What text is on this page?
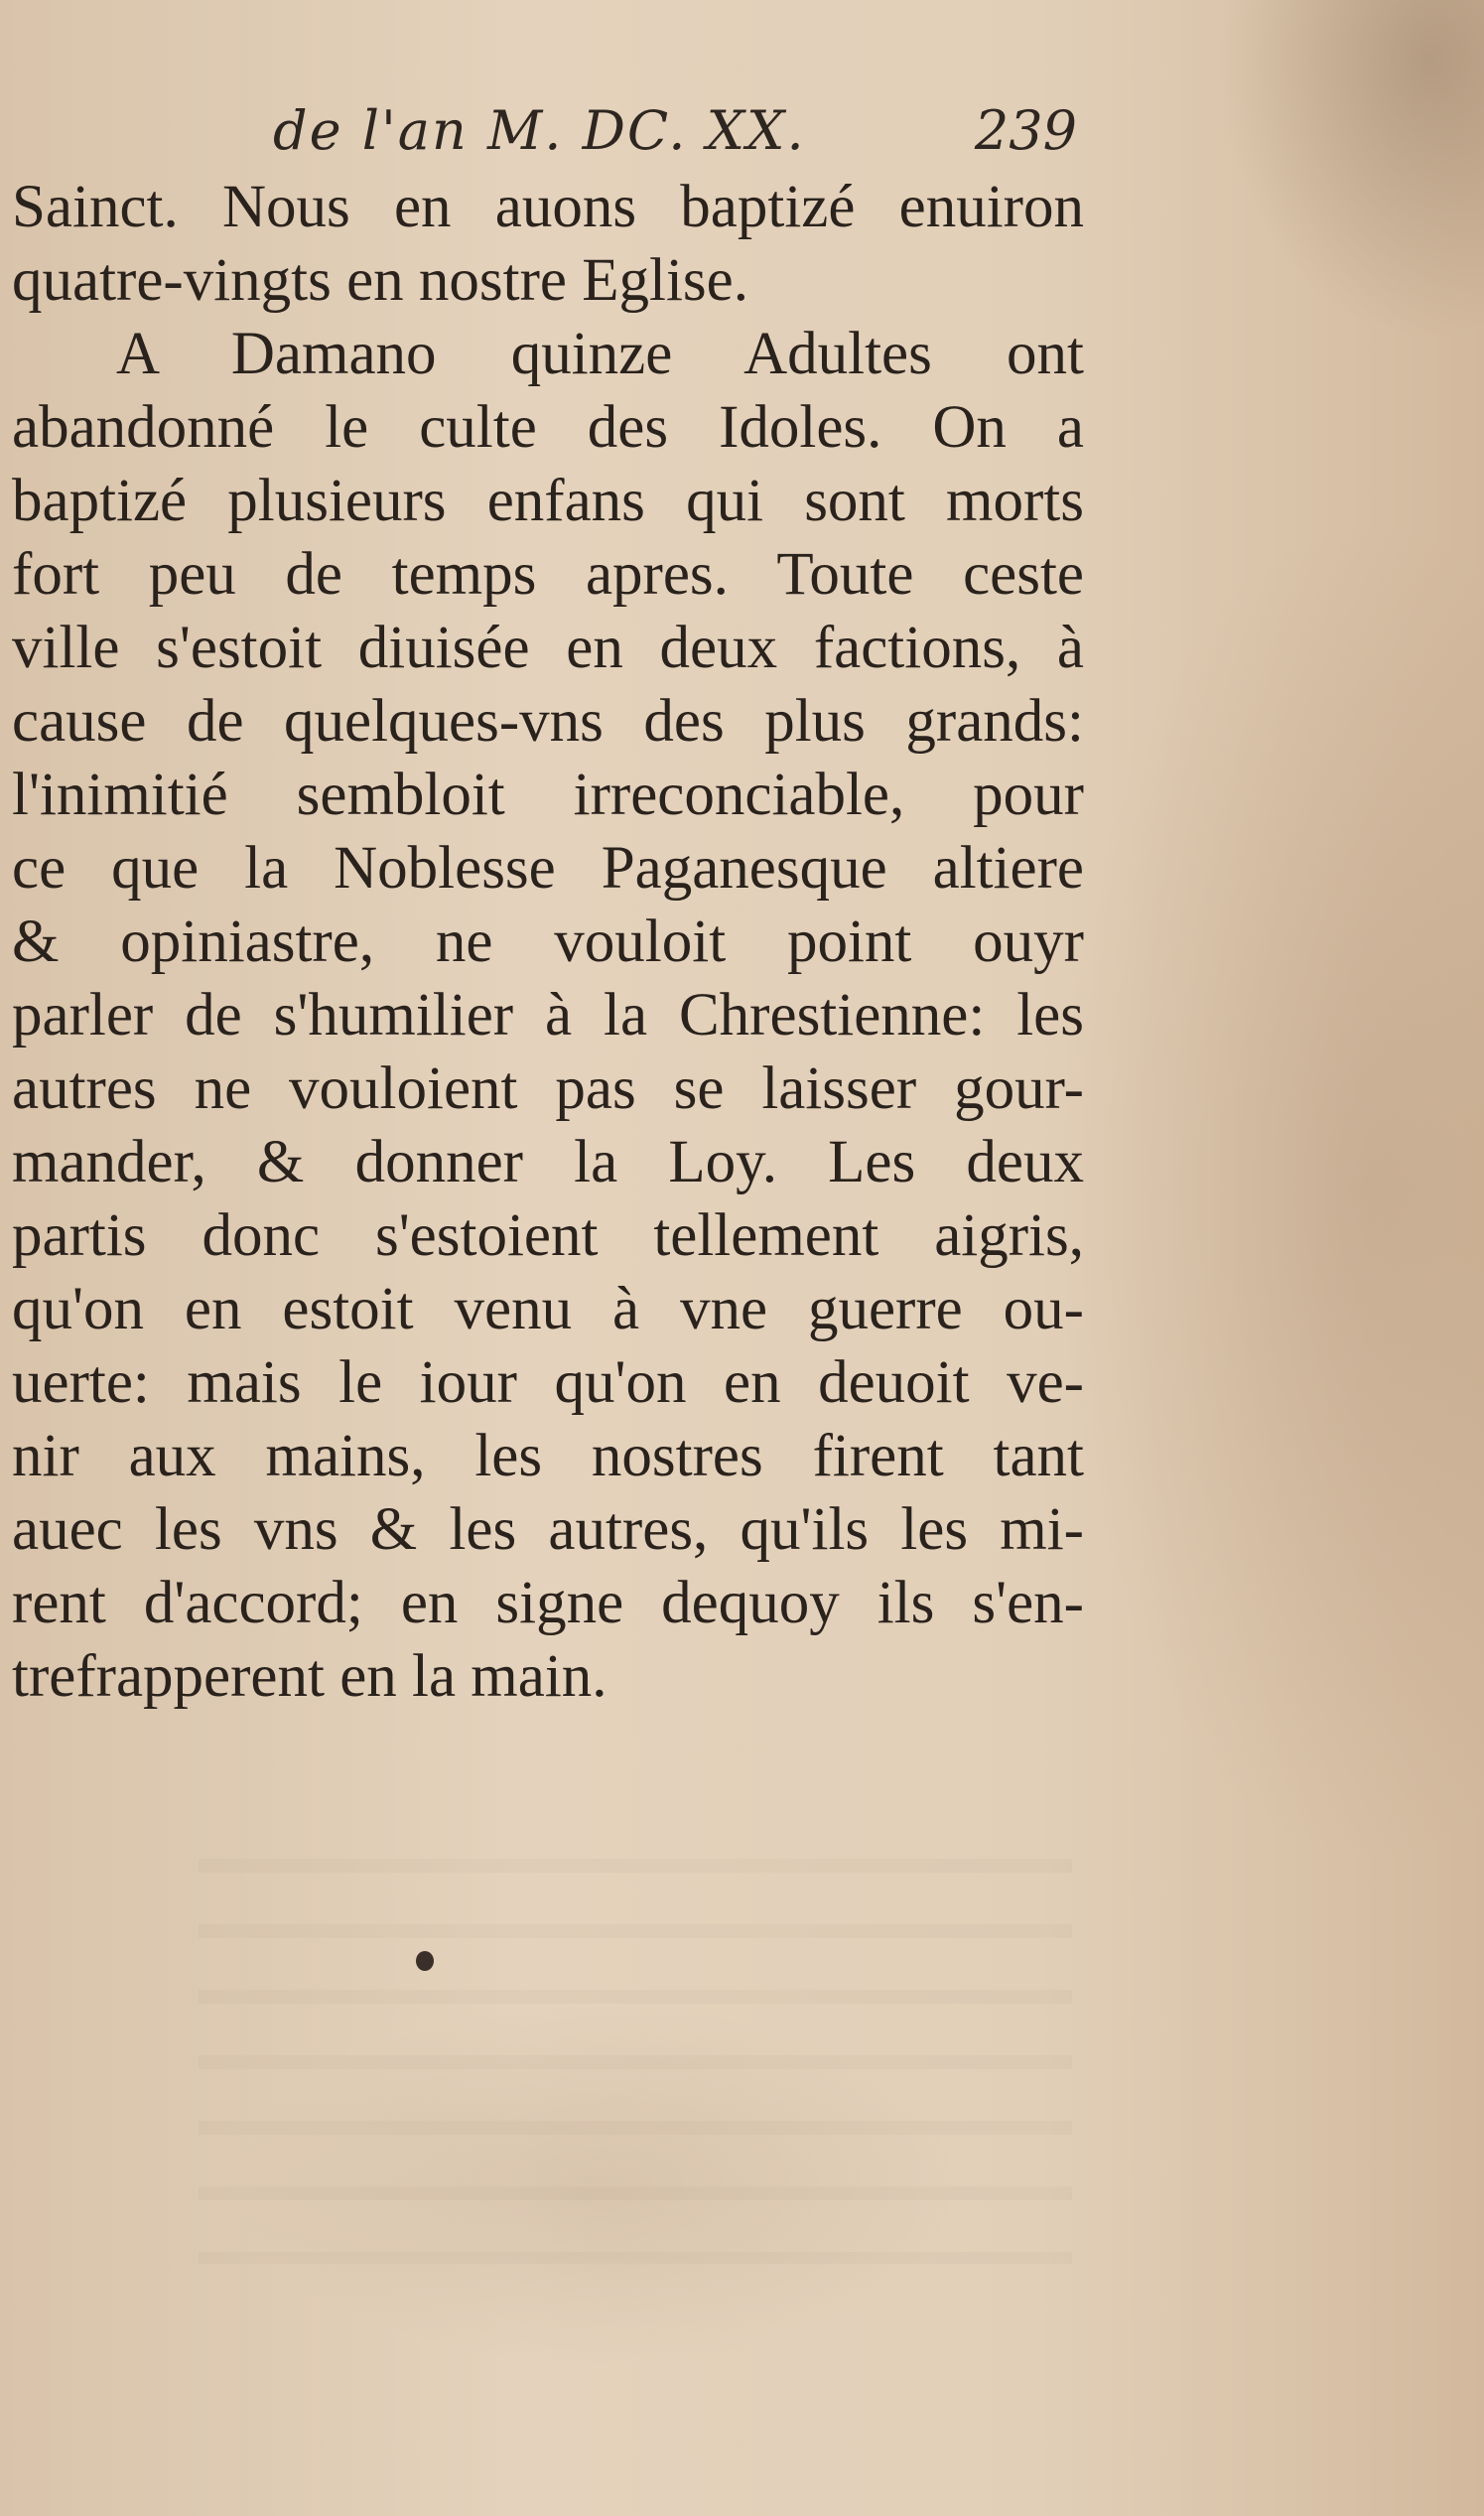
de l'an M. DC. XX.	239
Sainct. Nous en auons baptizé enuiron
quatre-vingts en nostre Eglise.
A Damano quinze Adultes ont
abandonné le culte des Idoles. On a
baptizé plusieurs enfans qui sont morts
fort peu de temps apres. Toute ceste
ville s'estoit diuisée en deux factions, à
cause de quelques-vns des plus grands:
l'inimitié sembloit irreconciable, pour
ce que la Noblesse Paganesque altiere
& opiniastre, ne vouloit point ouyr
parler de s'humilier à la Chrestienne: les
autres ne vouloient pas se laisser gour-
mander, & donner la Loy. Les deux
partis donc s'estoient tellement aigris,
qu'on en estoit venu à vne guerre ou-
uerte: mais le iour qu'on en deuoit ve-
nir aux mains, les nostres firent tant
auec les vns & les autres, qu'ils les mi-
rent d'accord; en signe dequoy ils s'en-
trefrapperent en la main.
